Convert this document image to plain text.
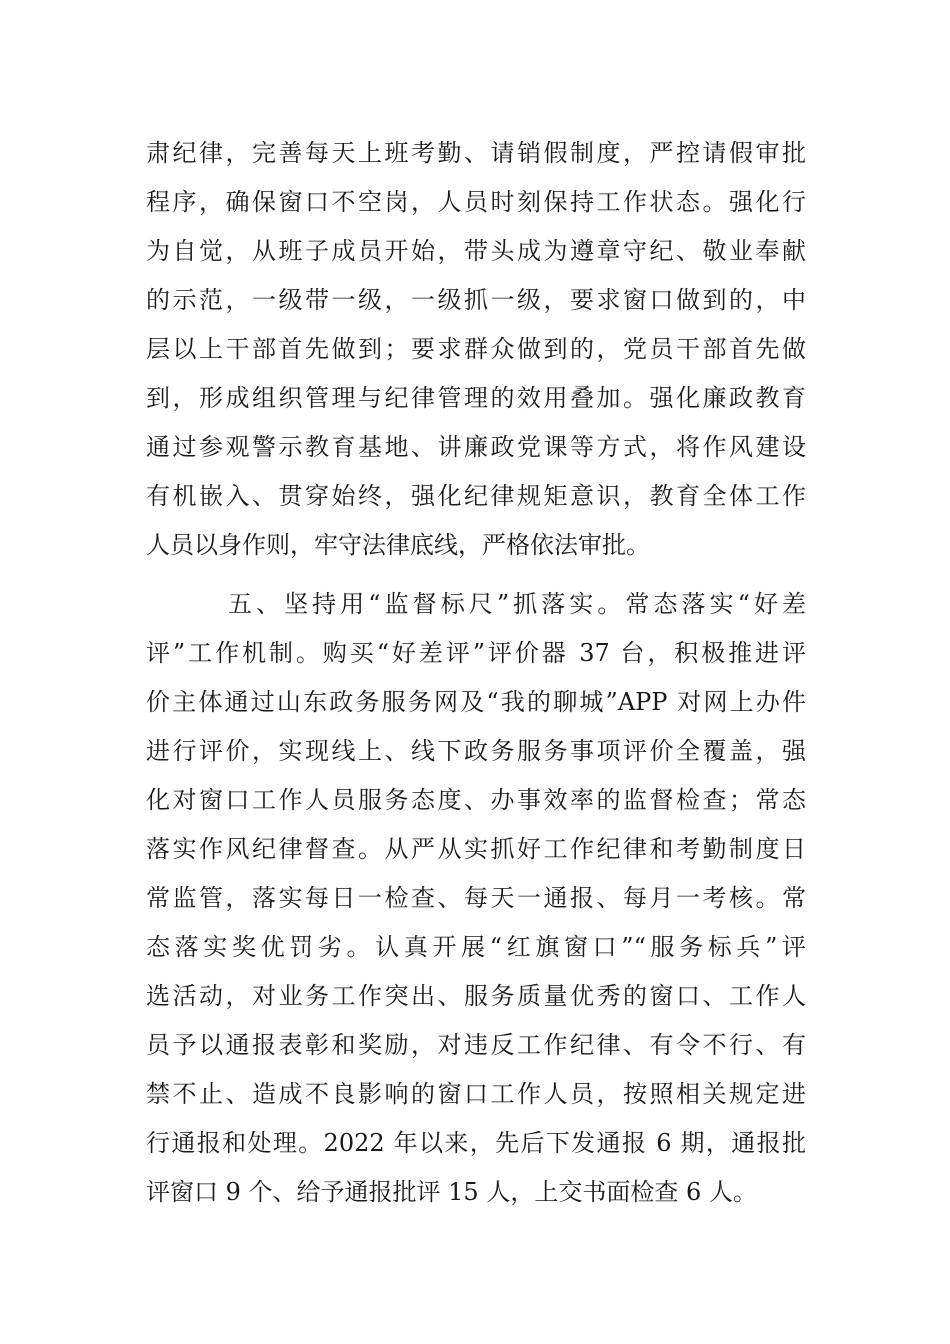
肃纪律，完善每天上班考勤、请销假制度，严控请假审批
程序，确保窗口不空岗，人员时刻保持工作状态。强化行
为自觉，从班子成员开始，带头成为遵章守纪、敬业奉献
的示范，一级带一级，一级抓一级，要求窗口做到的，中
层以上干部首先做到；要求群众做到的，党员干部首先做
到，形成组织管理与纪律管理的效用叠加。强化廉政教育
通过参观警示教育基地、讲廉政党课等方式，将作风建设
有机嵌入、贯穿始终，强化纪律规矩意识，教育全体工作
人员以身作则，牢守法律底线，严格依法审批。
五、坚持用“监督标尺”抓落实。常态落实“好差
评”工作机制。购买“好差评”评价器 37 台，积极推进评
价主体通过山东政务服务网及“我的聊城”APP 对网上办件
进行评价，实现线上、线下政务服务事项评价全覆盖，强
化对窗口工作人员服务态度、办事效率的监督检查；常态
落实作风纪律督查。从严从实抓好工作纪律和考勤制度日
常监管，落实每日一检查、每天一通报、每月一考核。常
态落实奖优罚劣。认真开展“红旗窗口”“服务标兵”评
选活动，对业务工作突出、服务质量优秀的窗口、工作人
员予以通报表彰和奖励，对违反工作纪律、有令不行、有
禁不止、造成不良影响的窗口工作人员，按照相关规定进
行通报和处理。2022 年以来，先后下发通报 6 期，通报批
评窗口 9 个、给予通报批评 15 人，上交书面检查 6 人。
